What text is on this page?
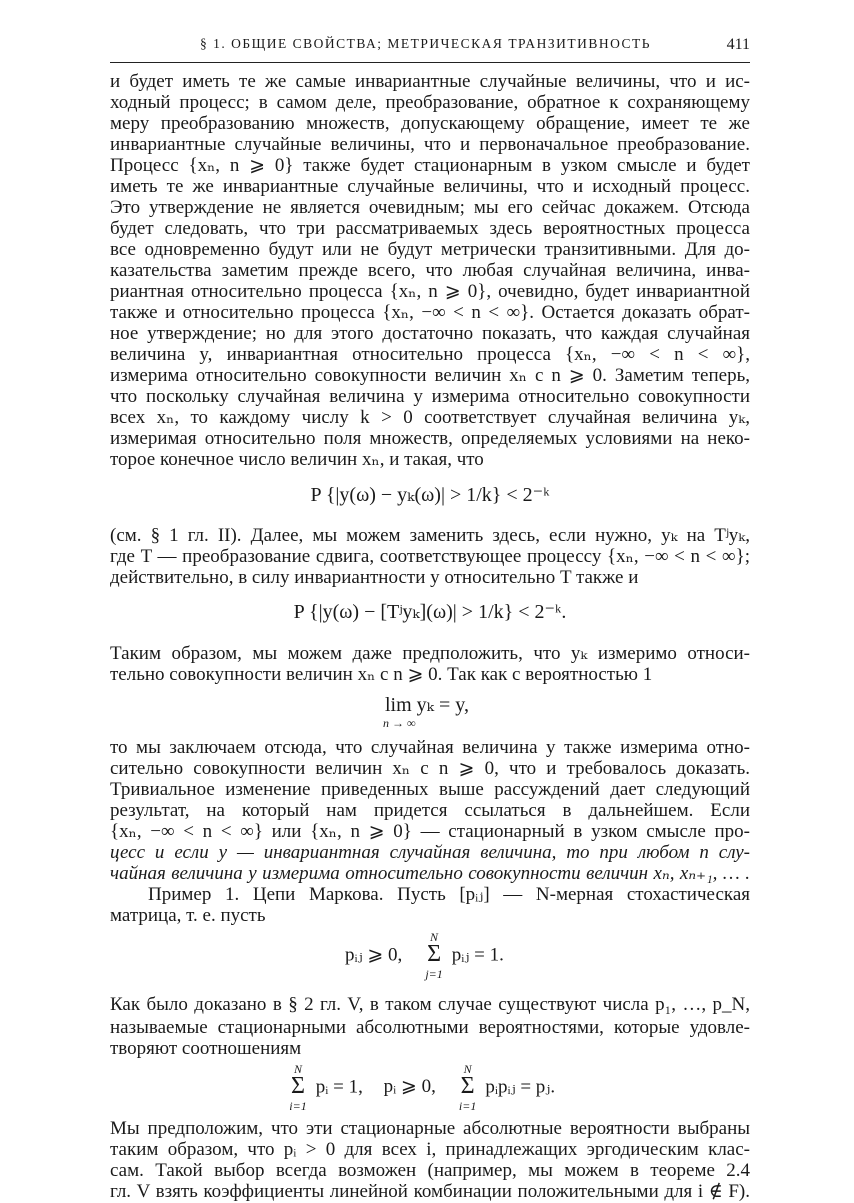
§ 1. ОБЩИЕ СВОЙСТВА; МЕТРИЧЕСКАЯ ТРАНЗИТИВНОСТЬ	411
и будет иметь те же самые инвариантные случайные величины, что и ис-
ходный процесс; в самом деле, преобразование, обратное к сохраняющему
меру преобразованию множеств, допускающему обращение, имеет те же
инвариантные случайные величины, что и первоначальное преобразование.
Процесс {xₙ, n ⩾ 0} также будет стационарным в узком смысле и будет
иметь те же инвариантные случайные величины, что и исходный процесс.
Это утверждение не является очевидным; мы его сейчас докажем. Отсюда
будет следовать, что три рассматриваемых здесь вероятностных процесса
все одновременно будут или не будут метрически транзитивными. Для до-
казательства заметим прежде всего, что любая случайная величина, инва-
риантная относительно процесса {xₙ, n ⩾ 0}, очевидно, будет инвариантной
также и относительно процесса {xₙ, −∞ < n < ∞}. Остается доказать обрат-
ное утверждение; но для этого достаточно показать, что каждая случайная
величина y, инвариантная относительно процесса {xₙ, −∞ < n < ∞},
измерима относительно совокупности величин xₙ с n ⩾ 0. Заметим теперь,
что поскольку случайная величина y измерима относительно совокупности
всех xₙ, то каждому числу k > 0 соответствует случайная величина yₖ,
измеримая относительно поля множеств, определяемых условиями на неко-
торое конечное число величин xₙ, и такая, что
P {|y(ω) − yₖ(ω)| > 1/k} < 2⁻ᵏ
(см. § 1 гл. II). Далее, мы можем заменить здесь, если нужно, yₖ на Tʲyₖ,
где T — преобразование сдвига, соответствующее процессу {xₙ, −∞ < n < ∞};
действительно, в силу инвариантности y относительно T также и
P {|y(ω) − [Tʲyₖ](ω)| > 1/k} < 2⁻ᵏ.
Таким образом, мы можем даже предположить, что yₖ измеримо относи-
тельно совокупности величин xₙ с n ⩾ 0. Так как с вероятностью 1
lim yₖ = y,
n → ∞
то мы заключаем отсюда, что случайная величина y также измерима отно-
сительно совокупности величин xₙ с n ⩾ 0, что и требовалось доказать.
Тривиальное изменение приведенных выше рассуждений дает следующий
результат, на который нам придется ссылаться в дальнейшем. Если
{xₙ, −∞ < n < ∞} или {xₙ, n ⩾ 0} — стационарный в узком смысле про-
цесс и если y — инвариантная случайная величина, то при любом n слу-
чайная величина y измерима относительно совокупности величин xₙ, xₙ₊₁, … .
Пример 1. Цепи Маркова. Пусть [pᵢⱼ] — N-мерная стохастическая
матрица, т. е. пусть
pᵢⱼ ⩾ 0,
N
Σ
j=1
pᵢⱼ = 1.
Как было доказано в § 2 гл. V, в таком случае существуют числа p₁, …, p_N,
называемые стационарными абсолютными вероятностями, которые удовле-
творяют соотношениям
N
Σ
i=1
pᵢ = 1, pᵢ ⩾ 0,
N
Σ
i=1
pᵢpᵢⱼ = pⱼ.
Мы предположим, что эти стационарные абсолютные вероятности выбраны
таким образом, что pᵢ > 0 для всех i, принадлежащих эргодическим клас-
сам. Такой выбор всегда возможен (например, мы можем в теореме 2.4
гл. V взять коэффициенты линейной комбинации положительными для i ∉ F).
